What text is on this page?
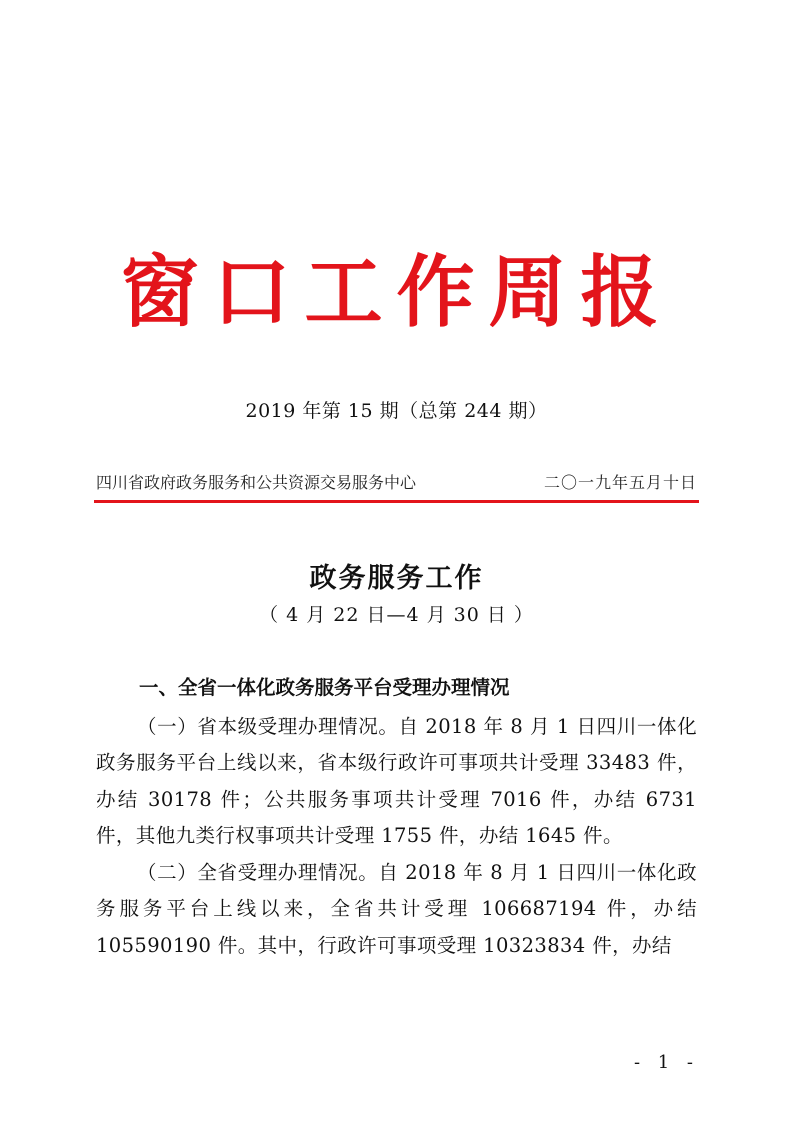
窗口工作周报
2019 年第 15 期（总第 244 期）
四川省政府政务服务和公共资源交易服务中心	二〇一九年五月十日
政务服务工作
（ 4 月 22 日—4 月 30 日 ）

一、全省一体化政务服务平台受理办理情况

（一）省本级受理办理情况。自 2018 年 8 月 1 日四川一体化政务服务平台上线以来，省本级行政许可事项共计受理 33483 件，办结 30178 件；公共服务事项共计受理 7016 件，办结 6731 件，其他九类行权事项共计受理 1755 件，办结 1645 件。

（二）全省受理办理情况。自 2018 年 8 月 1 日四川一体化政务服务平台上线以来，全省共计受理 106687194 件，办结 105590190 件。其中，行政许可事项受理 10323834 件，办结

- 1 -
